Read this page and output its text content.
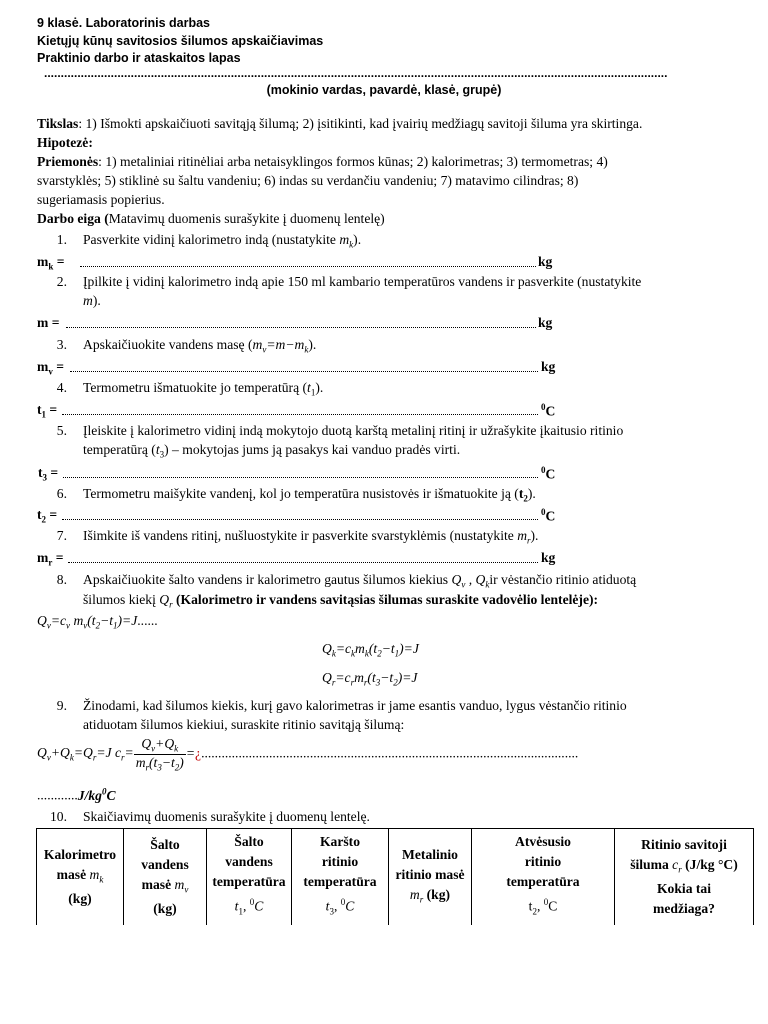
9 klasė. Laboratorinis darbas
Kietųjų kūnų savitosios šilumos apskaičiavimas
Praktinio darbo ir ataskaitos lapas
...........................................................................................................................................................................................
(mokinio vardas, pavardė, klasė, grupė)
Tikslas: 1) Išmokti apskaičiuoti savitąją šilumą; 2) įsitikinti, kad įvairių medžiagų savitoji šiluma yra skirtinga.
Hipotezė:
Priemonės: 1) metaliniai ritinėliai arba netaisyklingos formos kūnas; 2) kalorimetras; 3) termometras; 4)
svarstyklės; 5) stiklinė su šaltu vandeniu; 6) indas su verdančiu vandeniu; 7) matavimo cilindras; 8)
sugeriamasis popierius.
Darbo eiga (Matavimų duomenis surašykite į duomenų lentelę)
1. Pasverkite vidinį kalorimetro indą (nustatykite $m_k$).
$m_k$ =	kg
2. Įpilkite į vidinį kalorimetro indą apie 150 ml kambario temperatūros vandens ir pasverkite (nustatykite
m).
m =	kg
3. Apskaičiuokite vandens masę $(m_v=m-m_k)$.
$m_v$ =	kg
4. Termometru išmatuokite jo temperatūrą $(t_1)$.
$t_1$ =	$^0$C
5. Įleiskite į kalorimetro vidinį indą mokytojo duotą karštą metalinį ritinį ir užrašykite įkaitusio ritinio
temperatūrą $(t_3)$ – mokytojas jums ją pasakys kai vanduo pradės virti.
$t_3$ =	$^0$C
6. Termometru maišykite vandenį, kol jo temperatūra nusistovės ir išmatuokite ją $(t_2)$.
$t_2$ =	$^0$C
7. Išimkite iš vandens ritinį, nušluostykite ir pasverkite svarstyklėmis (nustatykite $m_r$).
$m_r$ =	kg
8. Apskaičiuokite šalto vandens ir kalorimetro gautus šilumos kiekius $Q_v$ , $Q_kir$ vėstančio ritinio atiduotą
šilumos kiekį $Q_r$ (Kalorimetro ir vandens savitąsias šilumas suraskite vadovėlio lentelėje):
$Q_v=c_v$ $m_v(t_2-t_1)=J$......
$Q_k=c_km_k(t_2-t_1)=J$
$Q_r=c_rm_r(t_3-t_2)=J$
9. Žinodami, kad šilumos kiekis, kurį gavo kalorimetras ir jame esantis vanduo, lygus vėstančio ritinio
atiduotam šilumos kiekiui, suraskite ritinio savitąją šilumą:
$Q_v+Q_k=Q_r=J$ $c_r= \frac{Q_v+Q_k}{m_r(t_3-t_2)}$ =¿...............................................................................................................
$............J/kg^0C$
10. Skaičiavimų duomenis surašykite į duomenų lentelę.
Kalorimetro
masė $m_k$
(kg)

Šalto
vandens
masė $m_v$
(kg)

Šalto
vandens
temperatūra
$t_1$, $^0$C

Karšto
ritinio
temperatūra
$t_3$, $^0$C

Metalinio
ritinio masė
$m_r$ (kg)

Atvėsusio
ritinio
temperatūra
$t_2$, $^0$C

Ritinio savitoji
šiluma $c_r$ (J/kg °C)
Kokia tai
medžiaga?
